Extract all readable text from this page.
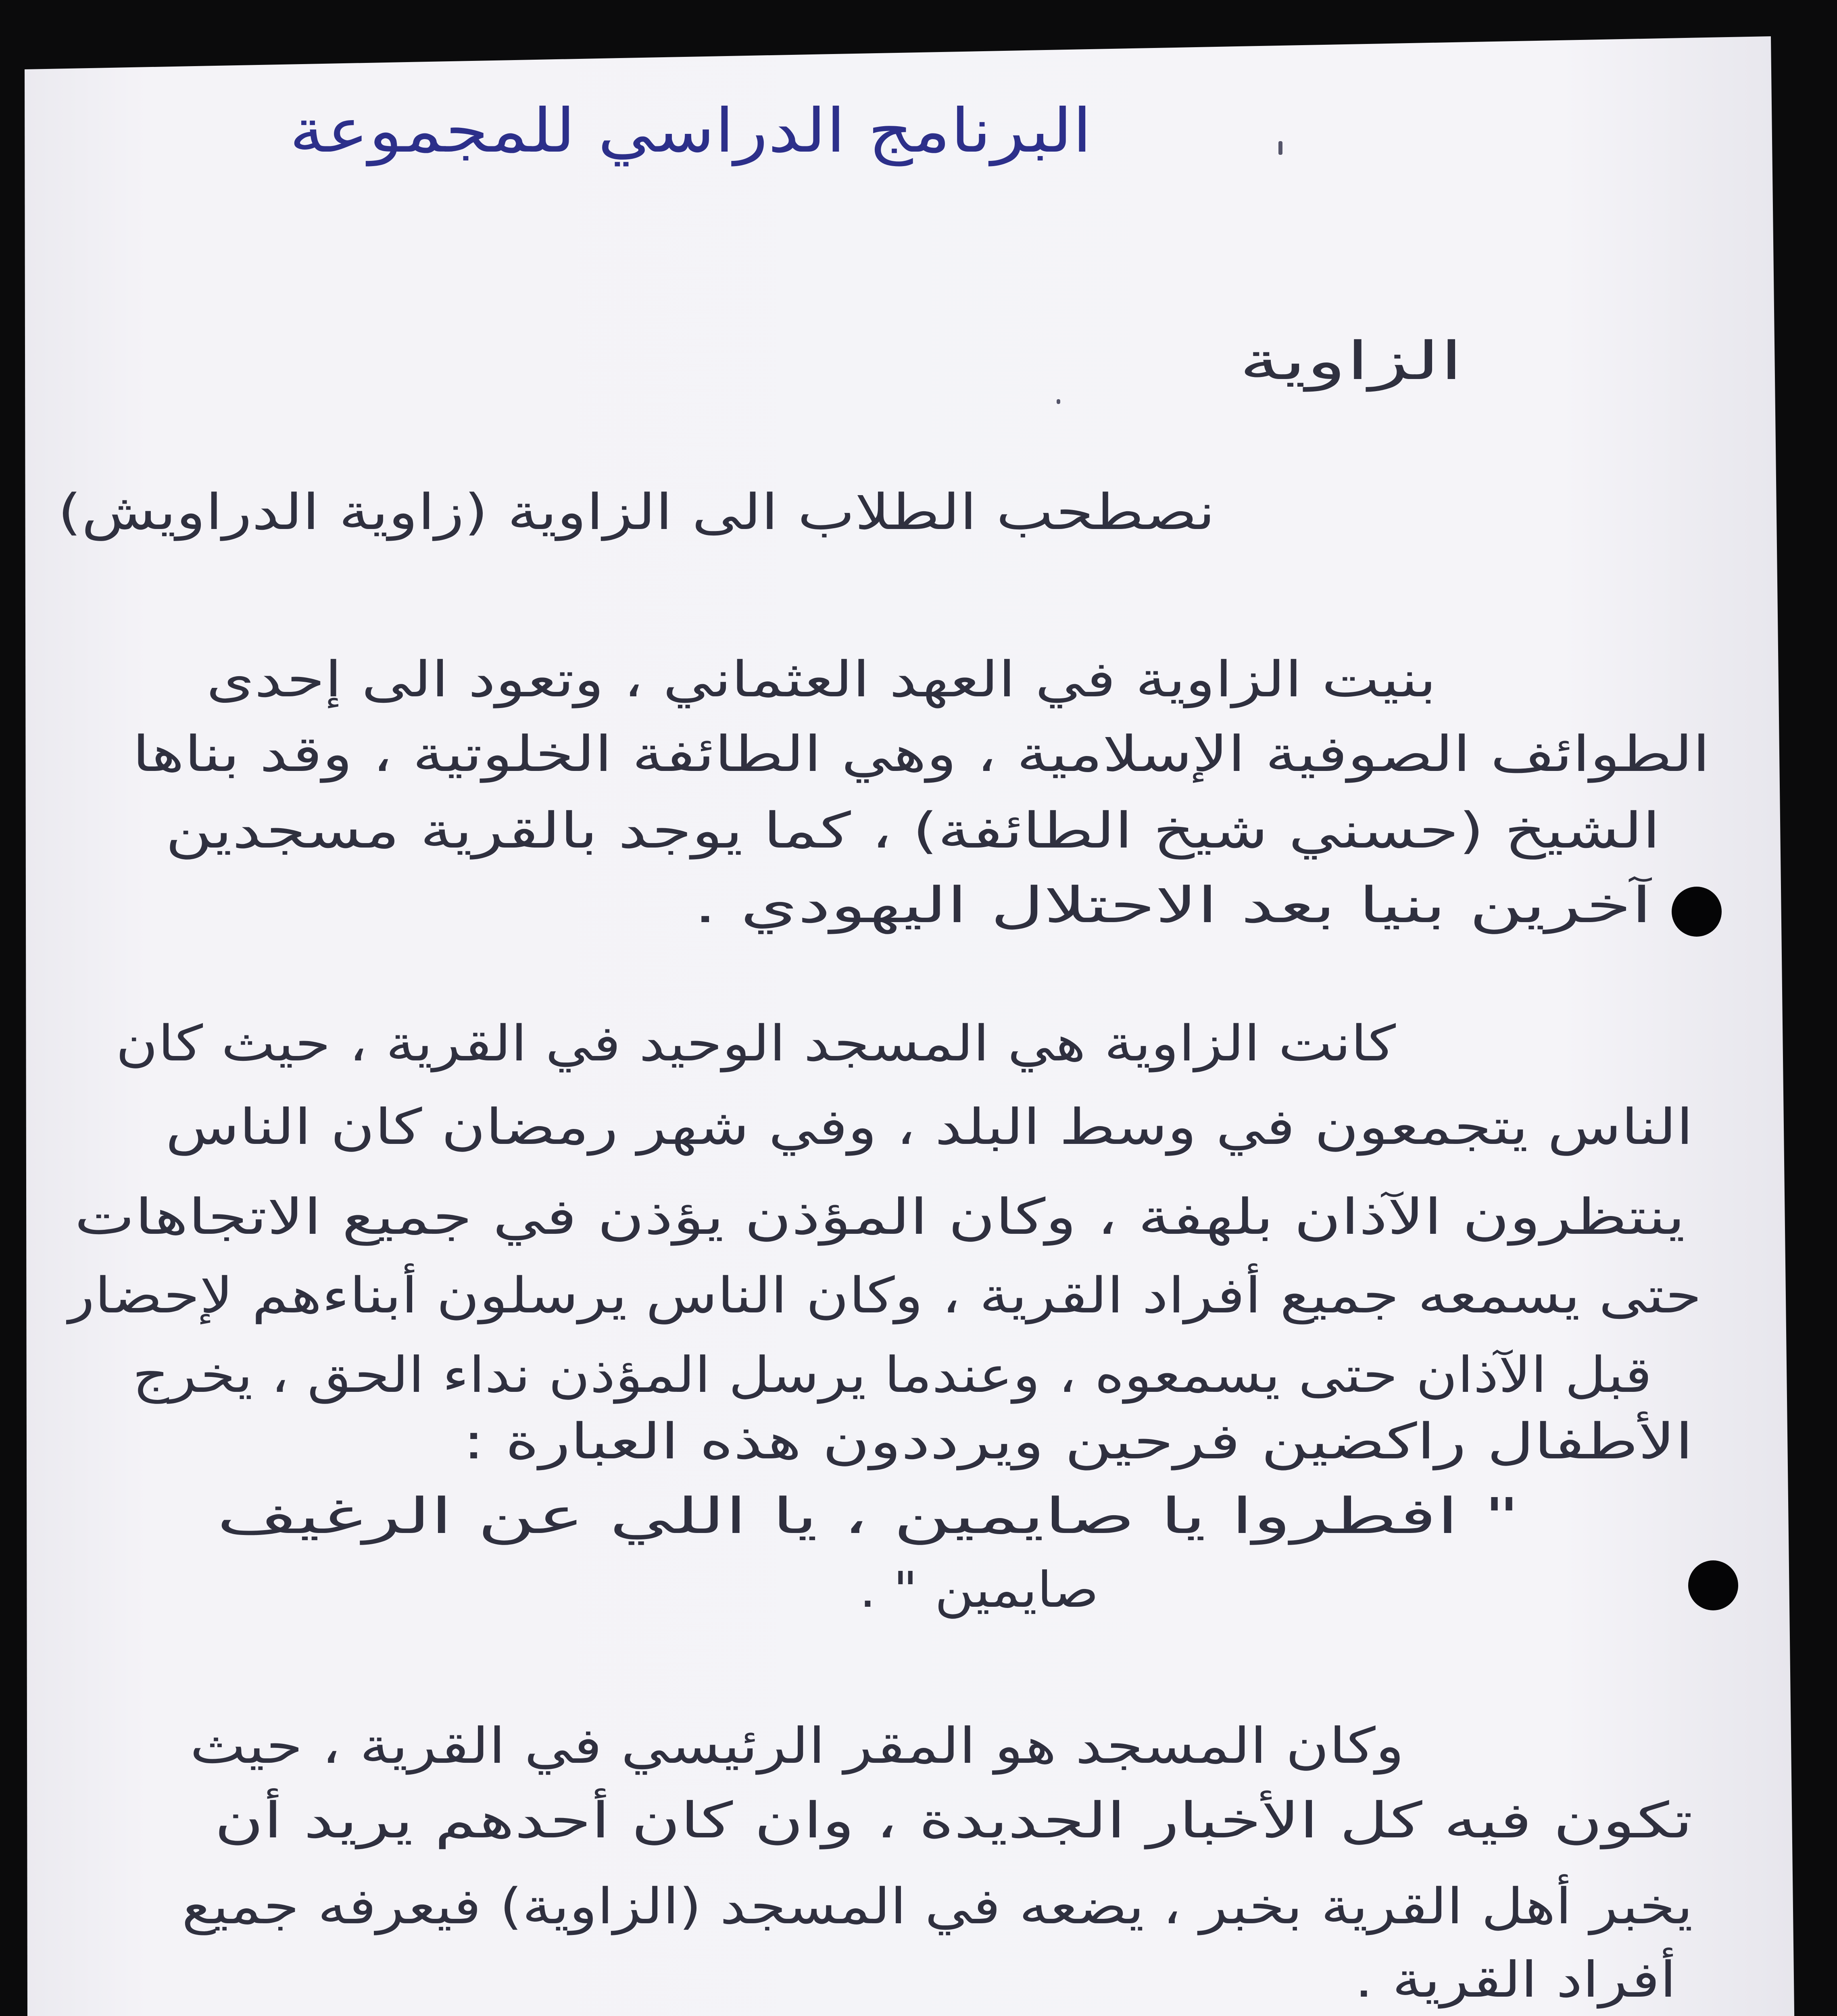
البرنامج الدراسي للمجموعة
الزاوية
نصطحب الطلاب الى الزاوية (زاوية الدراويش)
بنيت الزاوية في العهد العثماني ، وتعود الى إحدى
الطوائف الصوفية الإسلامية ، وهي الطائفة الخلوتية ، وقد بناها
الشيخ (حسني شيخ الطائفة) ، كما يوجد بالقرية مسجدين
آخرين بنيا بعد الاحتلال اليهودي .
كانت الزاوية هي المسجد الوحيد في القرية ، حيث كان
الناس يتجمعون في وسط البلد ، وفي شهر رمضان كان الناس
ينتظرون الآذان بلهفة ، وكان المؤذن يؤذن في جميع الاتجاهات
حتى يسمعه جميع أفراد القرية ، وكان الناس يرسلون أبناءهم لإحضار
قبل الآذان حتى يسمعوه ، وعندما يرسل المؤذن نداء الحق ، يخرج
الأطفال راكضين فرحين ويرددون هذه العبارة :
" افطروا يا صايمين ، يا اللي عن الرغيف
صايمين " .
وكان المسجد هو المقر الرئيسي في القرية ، حيث
تكون فيه كل الأخبار الجديدة ، وان كان أحدهم يريد أن
يخبر أهل القرية بخبر ، يضعه في المسجد (الزاوية) فيعرفه جميع
أفراد القرية .
